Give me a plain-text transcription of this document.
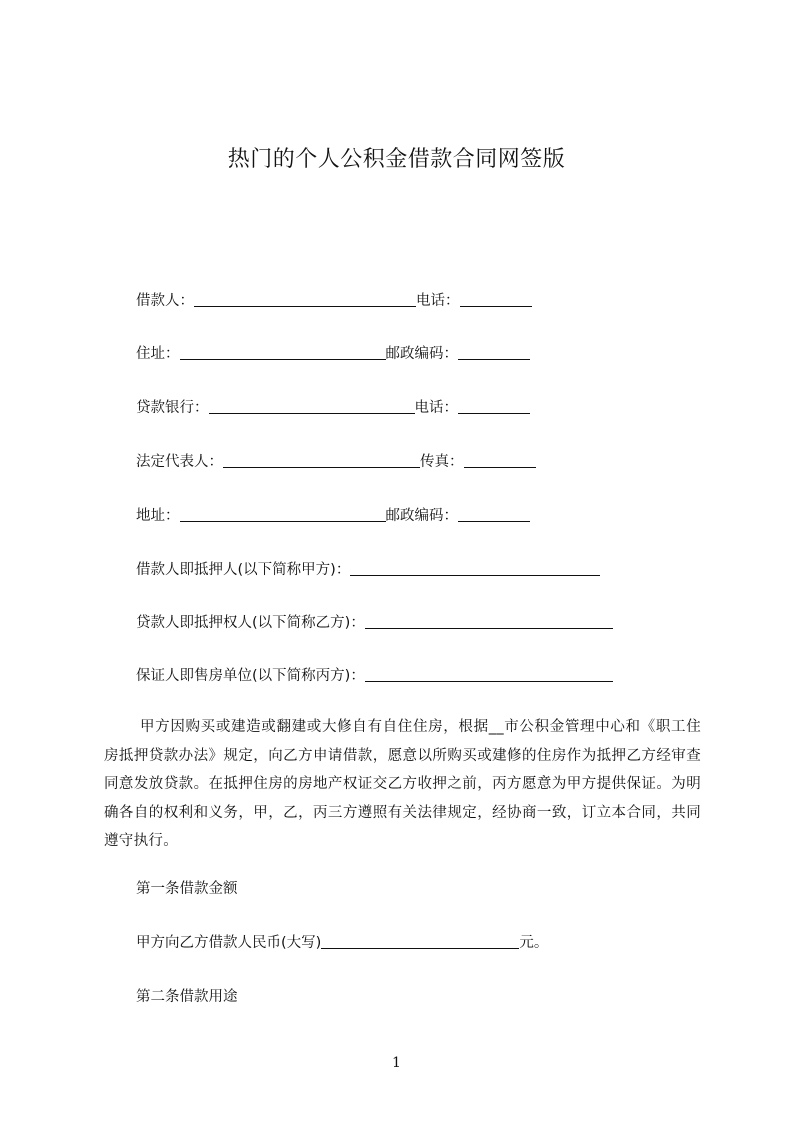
热门的个人公积金借款合同网签版
借款人：	电话：
住址：	邮政编码：
贷款银行：	电话：
法定代表人：	传真：
地址：	邮政编码：
借款人即抵押人(以下简称甲方)：
贷款人即抵押权人(以下简称乙方)：
保证人即售房单位(以下简称丙方)：
甲方因购买或建造或翻建或大修自有自住住房，根据__市公积金管理中心和《职工住房抵押贷款办法》规定，向乙方申请借款，愿意以所购买或建修的住房作为抵押乙方经审查同意发放贷款。在抵押住房的房地产权证交乙方收押之前，丙方愿意为甲方提供保证。为明确各自的权利和义务，甲，乙，丙三方遵照有关法律规定，经协商一致，订立本合同，共同遵守执行。
第一条借款金额
甲方向乙方借款人民币(大写)	元。
第二条借款用途
1
